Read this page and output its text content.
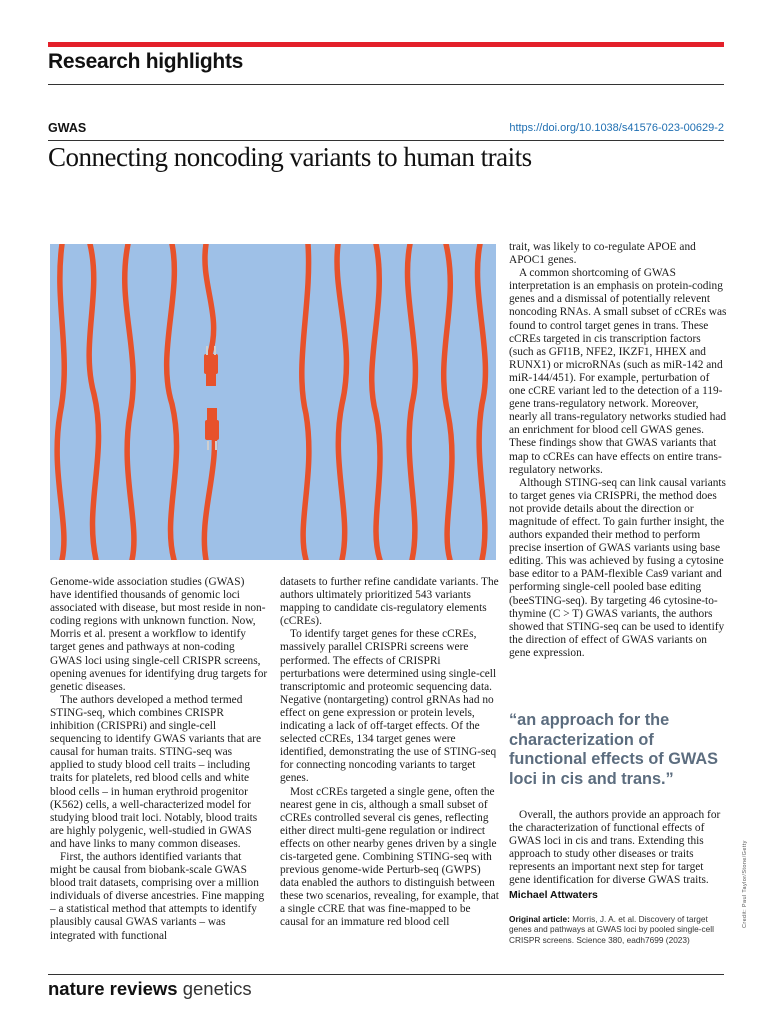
Research highlights
GWAS	https://doi.org/10.1038/s41576-023-00629-2
Connecting noncoding variants to human traits

Genome-wide association studies (GWAS) have identified thousands of genomic loci associated with disease, but most reside in non-coding regions with unknown function. Now, Morris et al. present a workflow to identify target genes and pathways at non-coding GWAS loci using single-cell CRISPR screens, opening avenues for identifying drug targets for genetic diseases.

The authors developed a method termed STING-seq, which combines CRISPR inhibition (CRISPRi) and single-cell sequencing to identify GWAS variants that are causal for human traits. STING-seq was applied to study blood cell traits – including traits for platelets, red blood cells and white blood cells – in human erythroid progenitor (K562) cells, a well-characterized model for studying blood trait loci. Notably, blood traits are highly polygenic, well-studied in GWAS and have links to many common diseases.

First, the authors identified variants that might be causal from biobank-scale GWAS blood trait datasets, comprising over a million individuals of diverse ancestries. Fine mapping – a statistical method that attempts to identify plausibly causal GWAS variants – was integrated with functional

datasets to further refine candidate variants. The authors ultimately prioritized 543 variants mapping to candidate cis-regulatory elements (cCREs).

To identify target genes for these cCREs, massively parallel CRISPRi screens were performed. The effects of CRISPRi perturbations were determined using single-cell transcriptomic and proteomic sequencing data. Negative (nontargeting) control gRNAs had no effect on gene expression or protein levels, indicating a lack of off-target effects. Of the selected cCREs, 134 target genes were identified, demonstrating the use of STING-seq for connecting noncoding variants to target genes.

Most cCREs targeted a single gene, often the nearest gene in cis, although a small subset of cCREs controlled several cis genes, reflecting either direct multi-gene regulation or indirect effects on other nearby genes driven by a single cis-targeted gene. Combining STING-seq with previous genome-wide Perturb-seq (GWPS) data enabled the authors to distinguish between these two scenarios, revealing, for example, that a single cCRE that was fine-mapped to be causal for an immature red blood cell

trait, was likely to co-regulate APOE and APOC1 genes.

A common shortcoming of GWAS interpretation is an emphasis on protein-coding genes and a dismissal of potentially relevent noncoding RNAs. A small subset of cCREs was found to control target genes in trans. These cCREs targeted in cis transcription factors (such as GFI1B, NFE2, IKZF1, HHEX and RUNX1) or microRNAs (such as miR-142 and miR-144/451). For example, perturbation of one cCRE variant led to the detection of a 119-gene trans-regulatory network. Moreover, nearly all trans-regulatory networks studied had an enrichment for blood cell GWAS genes. These findings show that GWAS variants that map to cCREs can have effects on entire trans-regulatory networks.

Although STING-seq can link causal variants to target genes via CRISPRi, the method does not provide details about the direction or magnitude of effect. To gain further insight, the authors expanded their method to perform precise insertion of GWAS variants using base editing. This was achieved by fusing a cytosine base editor to a PAM-flexible Cas9 variant and performing single-cell pooled base editing (beeSTING-seq). By targeting 46 cytosine-to-thymine (C > T) GWAS variants, the authors showed that STING-seq can be used to identify the direction of effect of GWAS variants on gene expression.

“an approach for the characterization of functional effects of GWAS loci in cis and trans.”

Overall, the authors provide an approach for the characterization of functional effects of GWAS loci in cis and trans. Extending this approach to study other diseases or traits represents an important next step for target gene identification for diverse GWAS traits.

Michael Attwaters
Original article: Morris, J. A. et al. Discovery of target genes and pathways at GWAS loci by pooled single-cell CRISPR screens. Science 380, eadh7699 (2023)
Credit: Paul Taylor/Stone/Getty
nature reviews genetics
